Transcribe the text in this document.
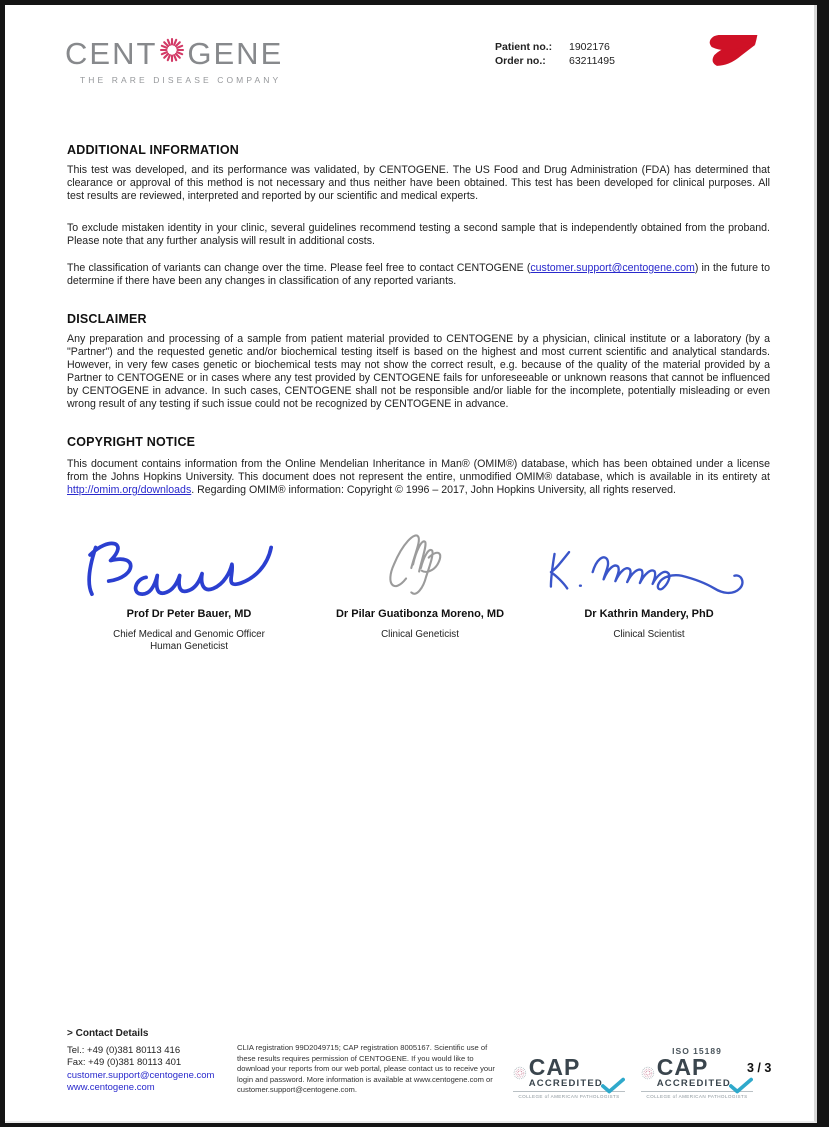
CENT GENE
THE RARE DISEASE COMPANY
Patient no.:	1902176
Order no.:	63211495
ADDITIONAL INFORMATION
This test was developed, and its performance was validated, by CENTOGENE. The US Food and Drug Administration (FDA) has determined that clearance or approval of this method is not necessary and thus neither have been obtained. This test has been developed for clinical purposes. All test results are reviewed, interpreted and reported by our scientific and medical experts.
To exclude mistaken identity in your clinic, several guidelines recommend testing a second sample that is independently obtained from the proband. Please note that any further analysis will result in additional costs.
The classification of variants can change over the time. Please feel free to contact CENTOGENE (customer.support@centogene.com) in the future to determine if there have been any changes in classification of any reported variants.
DISCLAIMER
Any preparation and processing of a sample from patient material provided to CENTOGENE by a physician, clinical institute or a laboratory (by a "Partner") and the requested genetic and/or biochemical testing itself is based on the highest and most current scientific and analytical standards. However, in very few cases genetic or biochemical tests may not show the correct result, e.g. because of the quality of the material provided by a Partner to CENTOGENE or in cases where any test provided by CENTOGENE fails for unforeseeable or unknown reasons that cannot be influenced by CENTOGENE in advance. In such cases, CENTOGENE shall not be responsible and/or liable for the incomplete, potentially misleading or even wrong result of any testing if such issue could not be recognized by CENTOGENE in advance.
COPYRIGHT NOTICE
This document contains information from the Online Mendelian Inheritance in Man® (OMIM®) database, which has been obtained under a license from the Johns Hopkins University. This document does not represent the entire, unmodified OMIM® database, which is available in its entirety at http://omim.org/downloads. Regarding OMIM® information: Copyright © 1996 – 2017, John Hopkins University, all rights reserved.
Prof Dr Peter Bauer, MD
Chief Medical and Genomic Officer
Human Geneticist
Dr Pilar Guatibonza Moreno, MD
Clinical Geneticist
Dr Kathrin Mandery, PhD
Clinical Scientist
> Contact Details
Tel.: +49 (0)381 80113 416
Fax: +49 (0)381 80113 401
customer.support@centogene.com
www.centogene.com
CLIA registration 99D2049715; CAP registration 8005167. Scientific use of these results requires permission of CENTOGENE. If you would like to download your reports from our web portal, please contact us to receive your login and password. More information is available at www.centogene.com or customer.support@centogene.com.
CAP
ACCREDITED
COLLEGE of AMERICAN PATHOLOGISTS
ISO 15189
CAP
ACCREDITED
COLLEGE of AMERICAN PATHOLOGISTS
3 / 3
